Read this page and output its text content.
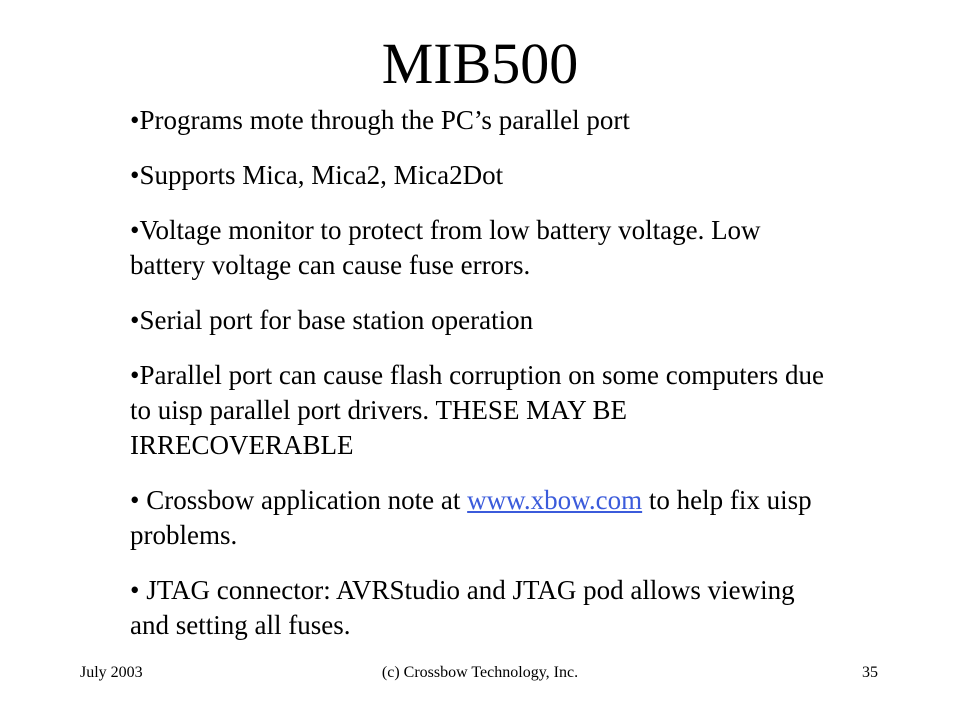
MIB500
•Programs mote through the PC’s parallel port
•Supports Mica, Mica2, Mica2Dot
•Voltage monitor to protect from low battery voltage. Low battery voltage can cause fuse errors.
•Serial port for base station operation
•Parallel port can cause flash corruption on some computers due to uisp parallel port drivers. THESE MAY BE IRRECOVERABLE
• Crossbow application note at www.xbow.com to help fix uisp problems.
• JTAG connector: AVRStudio and JTAG pod allows viewing and setting all fuses.
July 2003	(c) Crossbow Technology, Inc.	35
